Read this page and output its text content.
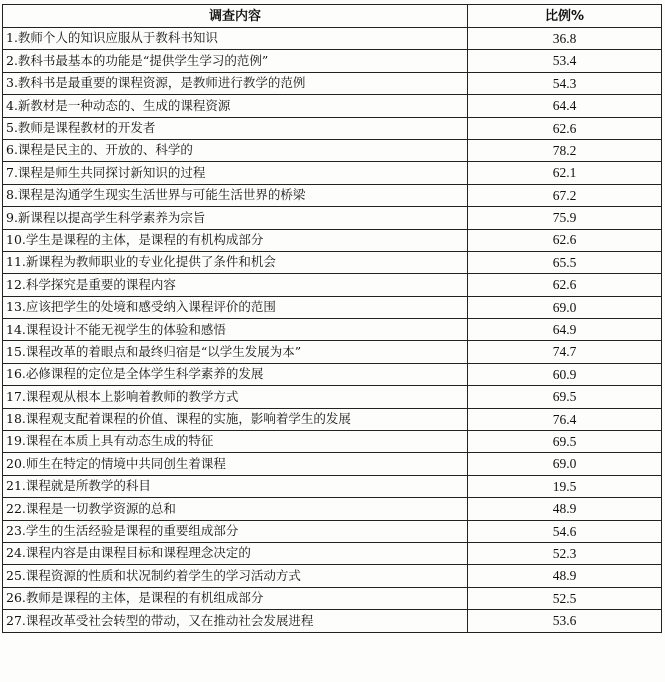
调查内容	比例%
1.教师个人的知识应服从于教科书知识	36.8
2.教科书最基本的功能是“提供学生学习的范例”	53.4
3.教科书是最重要的课程资源，是教师进行教学的范例	54.3
4.新教材是一种动态的、生成的课程资源	64.4
5.教师是课程教材的开发者	62.6
6.课程是民主的、开放的、科学的	78.2
7.课程是师生共同探讨新知识的过程	62.1
8.课程是沟通学生现实生活世界与可能生活世界的桥梁	67.2
9.新课程以提高学生科学素养为宗旨	75.9
10.学生是课程的主体，是课程的有机构成部分	62.6
11.新课程为教师职业的专业化提供了条件和机会	65.5
12.科学探究是重要的课程内容	62.6
13.应该把学生的处境和感受纳入课程评价的范围	69.0
14.课程设计不能无视学生的体验和感悟	64.9
15.课程改革的着眼点和最终归宿是“以学生发展为本”	74.7
16.必修课程的定位是全体学生科学素养的发展	60.9
17.课程观从根本上影响着教师的教学方式	69.5
18.课程观支配着课程的价值、课程的实施，影响着学生的发展	76.4
19.课程在本质上具有动态生成的特征	69.5
20.师生在特定的情境中共同创生着课程	69.0
21.课程就是所教学的科目	19.5
22.课程是一切教学资源的总和	48.9
23.学生的生活经验是课程的重要组成部分	54.6
24.课程内容是由课程目标和课程理念决定的	52.3
25.课程资源的性质和状况制约着学生的学习活动方式	48.9
26.教师是课程的主体，是课程的有机组成部分	52.5
27.课程改革受社会转型的带动，又在推动社会发展进程	53.6
